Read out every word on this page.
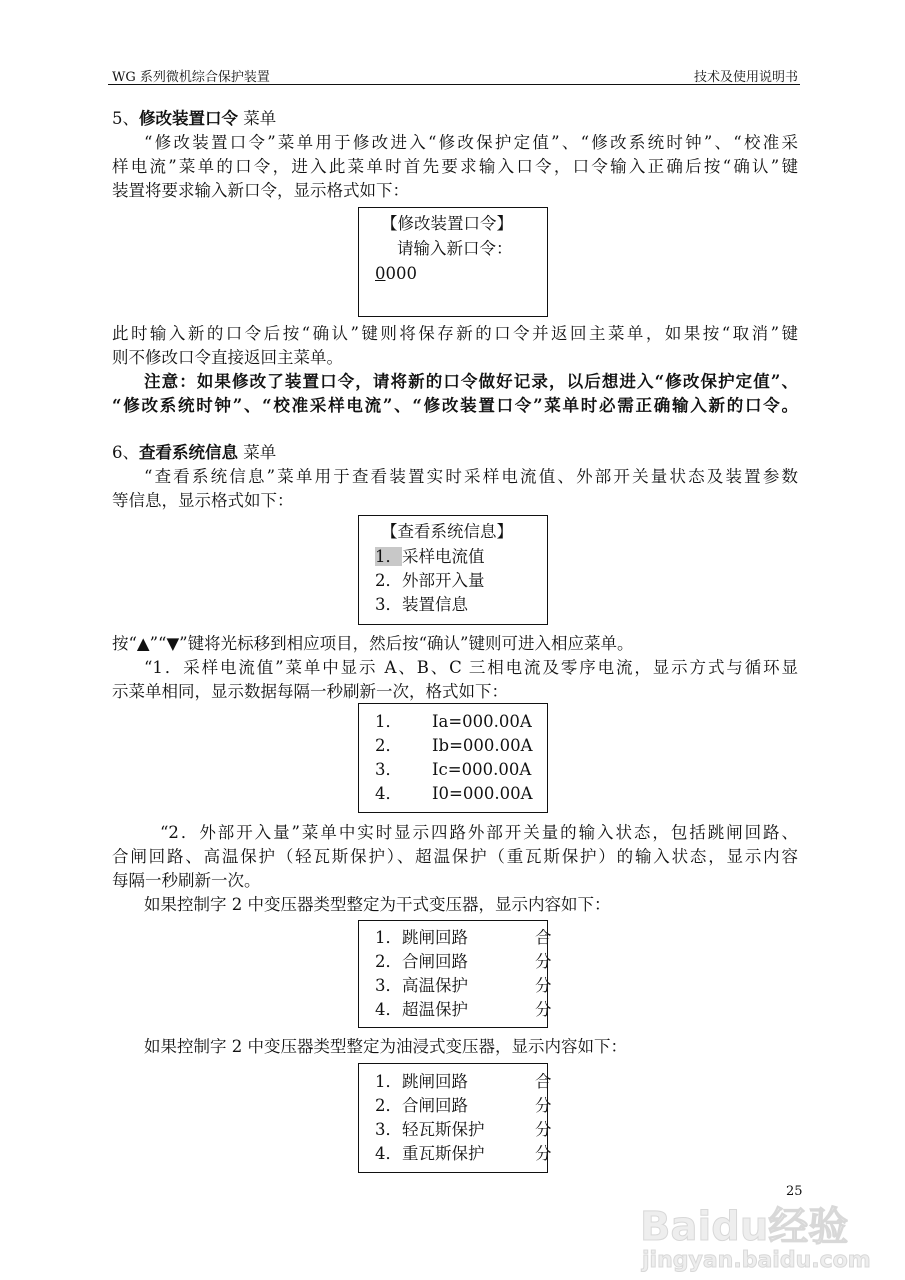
WG 系列微机综合保护装置	技术及使用说明书
5、修改装置口令 菜单
“修改装置口令”菜单用于修改进入“修改保护定值”、“修改系统时钟”、“校准采
样电流”菜单的口令，进入此菜单时首先要求输入口令，口令输入正确后按“确认”键
装置将要求输入新口令，显示格式如下：
【修改装置口令】
请输入新口令：
0000
此时输入新的口令后按“确认”键则将保存新的口令并返回主菜单，如果按“取消”键
则不修改口令直接返回主菜单。
注意：如果修改了装置口令，请将新的口令做好记录，以后想进入“修改保护定值”、
“修改系统时钟”、“校准采样电流”、“修改装置口令”菜单时必需正确输入新的口令。
6、查看系统信息 菜单
“查看系统信息”菜单用于查看装置实时采样电流值、外部开关量状态及装置参数
等信息，显示格式如下：
【查看系统信息】
1．采样电流值
2．外部开入量
3．装置信息
按“▲”“▼”键将光标移到相应项目，然后按“确认”键则可进入相应菜单。
“1．采样电流值”菜单中显示 A、B、C 三相电流及零序电流，显示方式与循环显
示菜单相同，显示数据每隔一秒刷新一次，格式如下：
1． Ia=000.00A
2． Ib=000.00A
3． Ic=000.00A
4． I0=000.00A
“2．外部开入量”菜单中实时显示四路外部开关量的输入状态，包括跳闸回路、
合闸回路、高温保护（轻瓦斯保护）、超温保护（重瓦斯保护）的输入状态，显示内容
每隔一秒刷新一次。
如果控制字 2 中变压器类型整定为干式变压器，显示内容如下：
1．跳闸回路	合
2．合闸回路	分
3．高温保护	分
4．超温保护	分
如果控制字 2 中变压器类型整定为油浸式变压器，显示内容如下：
1．跳闸回路	合
2．合闸回路	分
3．轻瓦斯保护	分
4．重瓦斯保护	分
25
Baidu经验
jingyan.baidu.com
